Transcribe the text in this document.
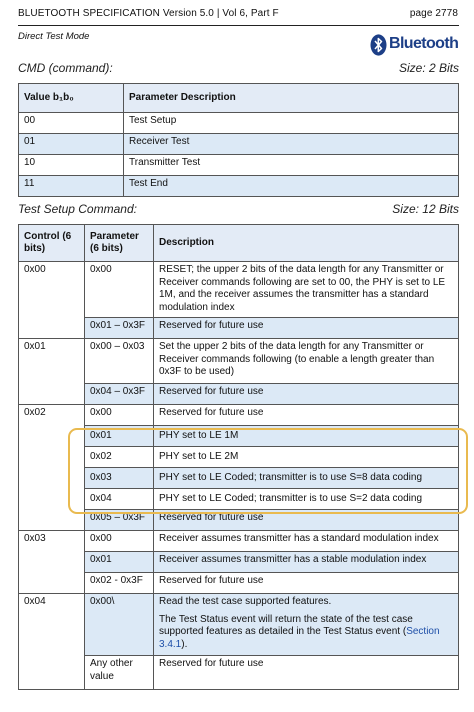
BLUETOOTH SPECIFICATION Version 5.0 | Vol 6, Part F	page 2778
Direct Test Mode	Bluetooth
CMD (command):	Size: 2 Bits
Value b₁b₀	Parameter Description
00	Test Setup
01	Receiver Test
10	Transmitter Test
11	Test End
Test Setup Command:	Size: 12 Bits
Control (6 bits)	Parameter (6 bits)	Description
0x00	0x00	RESET; the upper 2 bits of the data length for any Transmitter or Receiver commands following are set to 00, the PHY is set to LE 1M, and the receiver assumes the transmitter has a standard modulation index
	0x01 – 0x3F	Reserved for future use
0x01	0x00 – 0x03	Set the upper 2 bits of the data length for any Transmitter or Receiver commands following (to enable a length greater than 0x3F to be used)
	0x04 – 0x3F	Reserved for future use
0x02	0x00	Reserved for future use
	0x01	PHY set to LE 1M
	0x02	PHY set to LE 2M
	0x03	PHY set to LE Coded; transmitter is to use S=8 data coding
	0x04	PHY set to LE Coded; transmitter is to use S=2 data coding
	0x05 – 0x3F	Reserved for future use
0x03	0x00	Receiver assumes transmitter has a standard modulation index
	0x01	Receiver assumes transmitter has a stable modulation index
	0x02 - 0x3F	Reserved for future use
0x04	0x00\	Read the test case supported features.
The Test Status event will return the state of the test case supported features as detailed in the Test Status event (Section 3.4.1).

	Any other value	Reserved for future use
